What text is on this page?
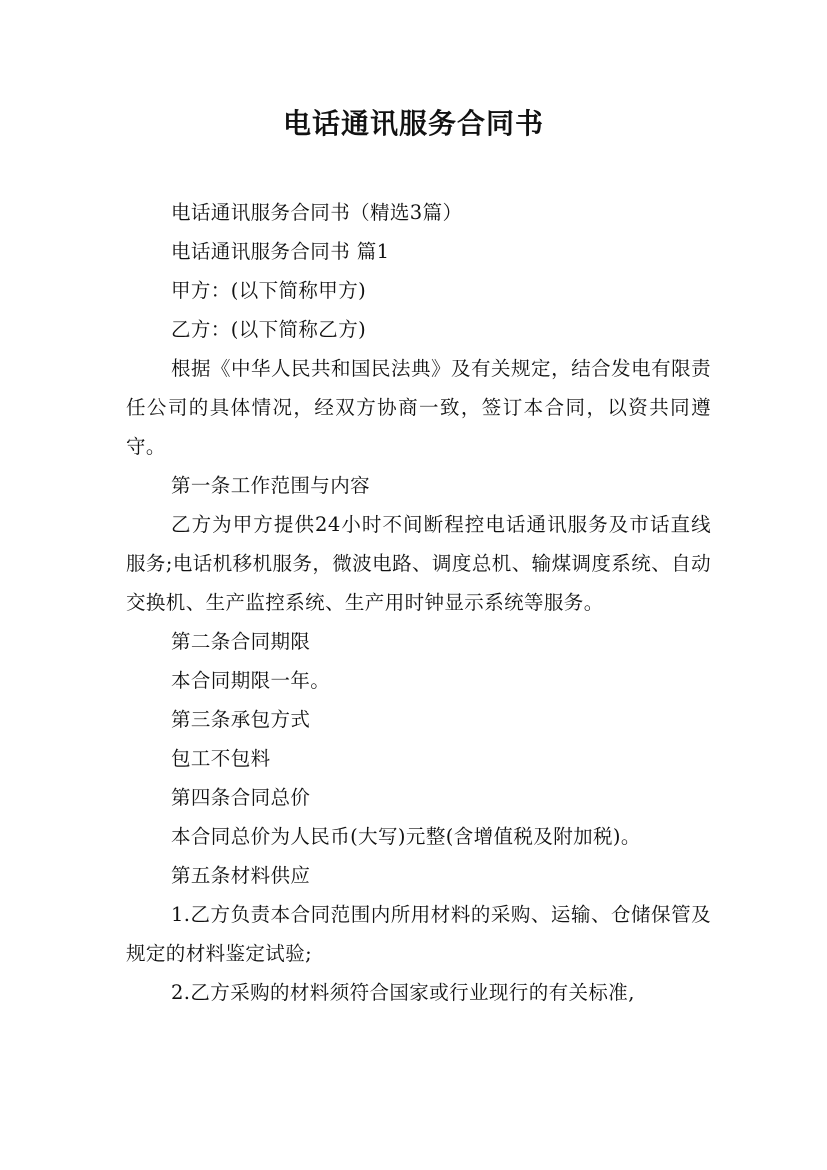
电话通讯服务合同书

电话通讯服务合同书（精选3篇）

电话通讯服务合同书 篇1

甲方：(以下简称甲方)

乙方：(以下简称乙方)

根据《中华人民共和国民法典》及有关规定，结合发电有限责任公司的具体情况，经双方协商一致，签订本合同，以资共同遵守。

第一条工作范围与内容

乙方为甲方提供24小时不间断程控电话通讯服务及市话直线服务;电话机移机服务，微波电路、调度总机、输煤调度系统、自动交换机、生产监控系统、生产用时钟显示系统等服务。

第二条合同期限

本合同期限一年。

第三条承包方式

包工不包料

第四条合同总价

本合同总价为人民币(大写)元整(含增值税及附加税)。

第五条材料供应

1.乙方负责本合同范围内所用材料的采购、运输、仓储保管及规定的材料鉴定试验;

2.乙方采购的材料须符合国家或行业现行的有关标准,
